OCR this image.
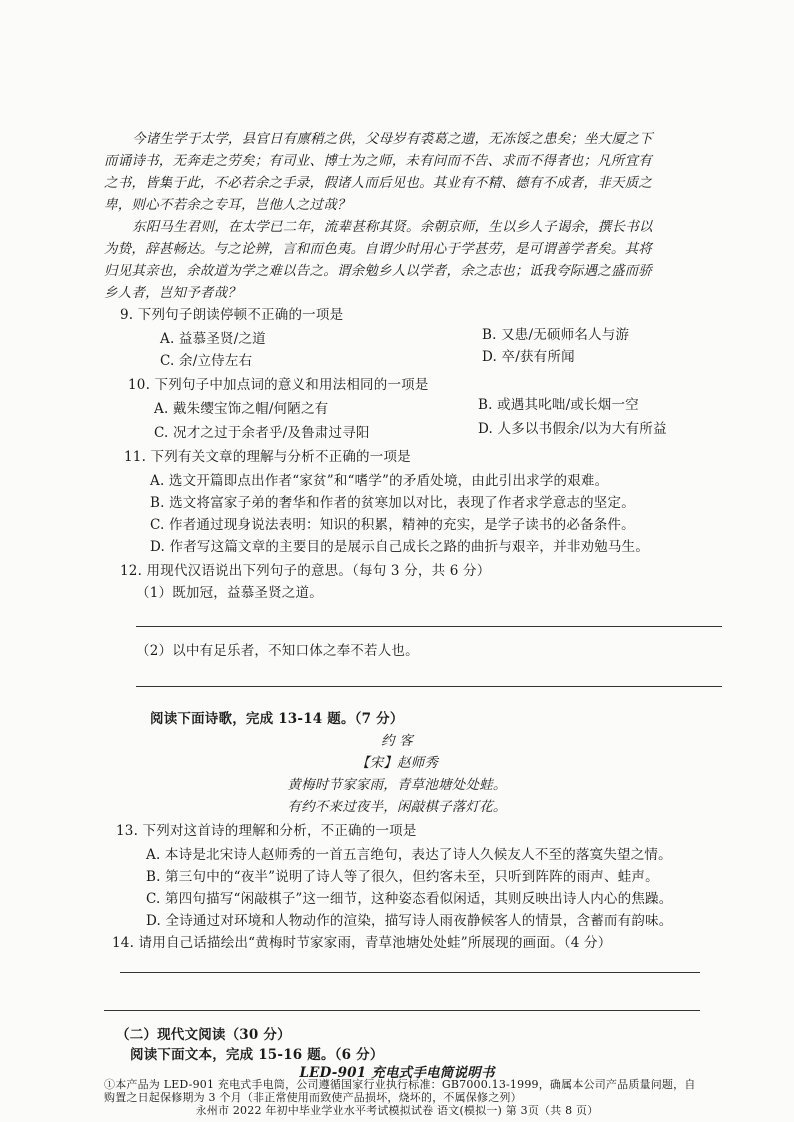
今诸生学于太学，县官日有廪稍之供，父母岁有裘葛之遗，无冻馁之患矣；坐大厦之下
而诵诗书，无奔走之劳矣；有司业、博士为之师，未有问而不告、求而不得者也；凡所宜有
之书，皆集于此，不必若余之手录，假诸人而后见也。其业有不精、德有不成者，非天质之
卑，则心不若余之专耳，岂他人之过哉？
东阳马生君则，在太学已二年，流辈甚称其贤。余朝京师，生以乡人子谒余，撰长书以
为贽，辞甚畅达。与之论辨，言和而色夷。自谓少时用心于学甚劳，是可谓善学者矣。其将
归见其亲也，余故道为学之难以告之。谓余勉乡人以学者，余之志也；诋我夸际遇之盛而骄
乡人者，岂知予者哉？
9. 下列句子朗读停顿不正确的一项是
A. 益慕圣贤/之道	B. 又患/无硕师名人与游
C. 余/立侍左右	D. 卒/获有所闻
10. 下列句子中加点词的意义和用法相同的一项是
A. 戴朱缨宝饰之帽/何陋之有	B. 或遇其叱咄/或长烟一空
C. 况才之过于余者乎/及鲁肃过寻阳	D. 人多以书假余/以为大有所益
11. 下列有关文章的理解与分析不正确的一项是
A. 选文开篇即点出作者“家贫”和“嗜学”的矛盾处境，由此引出求学的艰难。
B. 选文将富家子弟的奢华和作者的贫寒加以对比，表现了作者求学意志的坚定。
C. 作者通过现身说法表明：知识的积累，精神的充实，是学子读书的必备条件。
D. 作者写这篇文章的主要目的是展示自己成长之路的曲折与艰辛，并非劝勉马生。
12. 用现代汉语说出下列句子的意思。（每句 3 分，共 6 分）
（1）既加冠，益慕圣贤之道。
（2）以中有足乐者，不知口体之奉不若人也。
阅读下面诗歌，完成 13-14 题。（7 分）
约 客
【宋】赵师秀
黄梅时节家家雨，青草池塘处处蛙。
有约不来过夜半，闲敲棋子落灯花。
13. 下列对这首诗的理解和分析，不正确的一项是
A. 本诗是北宋诗人赵师秀的一首五言绝句，表达了诗人久候友人不至的落寞失望之情。
B. 第三句中的“夜半”说明了诗人等了很久，但约客未至，只听到阵阵的雨声、蛙声。
C. 第四句描写“闲敲棋子”这一细节，这种姿态看似闲适，其则反映出诗人内心的焦躁。
D. 全诗通过对环境和人物动作的渲染，描写诗人雨夜静候客人的情景，含蓄而有韵味。
14. 请用自己话描绘出“黄梅时节家家雨，青草池塘处处蛙”所展现的画面。（4 分）
（二）现代文阅读（30 分）
阅读下面文本，完成 15-16 题。（6 分）
LED-901 充电式手电筒说明书
①本产品为 LED-901 充电式手电筒，公司遵循国家行业执行标准：GB7000.13-1999，确属本公司产品质量问题，自购置之日起保修期为 3 个月（非正常使用而致使产品损坏，烧坏的，不属保修之列）
永州市 2022 年初中毕业学业水平考试模拟试卷 语文(模拟一) 第 3页（共 8 页）
